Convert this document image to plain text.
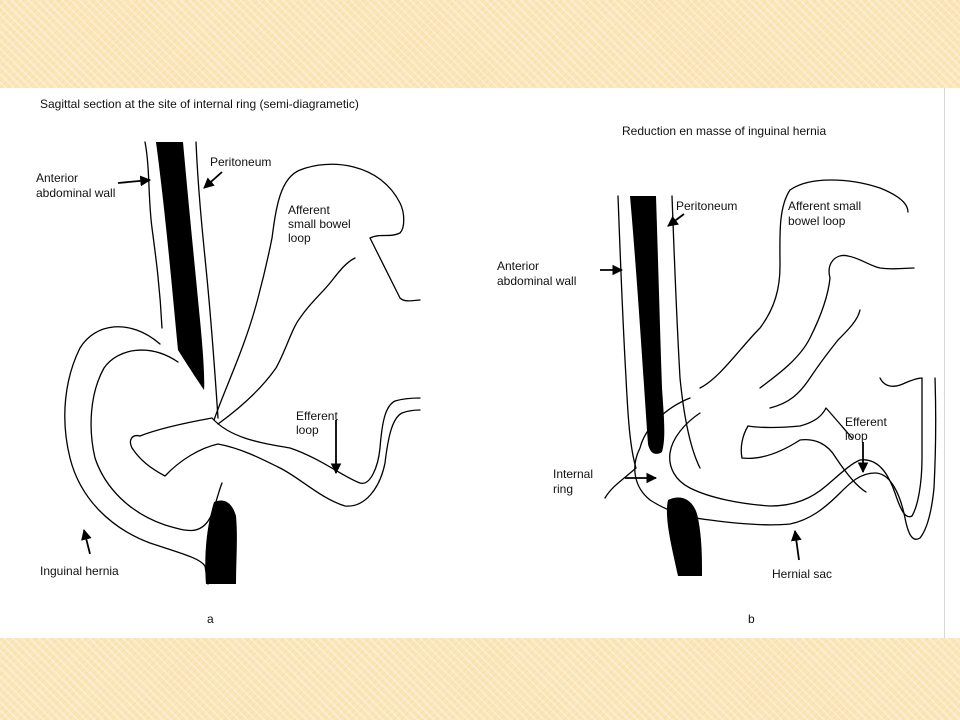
Sagittal section at the site of internal ring (semi-diagrametic)
Anterior
abdominal wall
Peritoneum
Afferent
small bowel
loop
Efferent
loop
Inguinal hernia
a
Reduction en masse of inguinal hernia
Peritoneum	Afferent small
bowel loop
Anterior
abdominal wall
Internal
ring
Efferent
loop
Hernial sac
b
